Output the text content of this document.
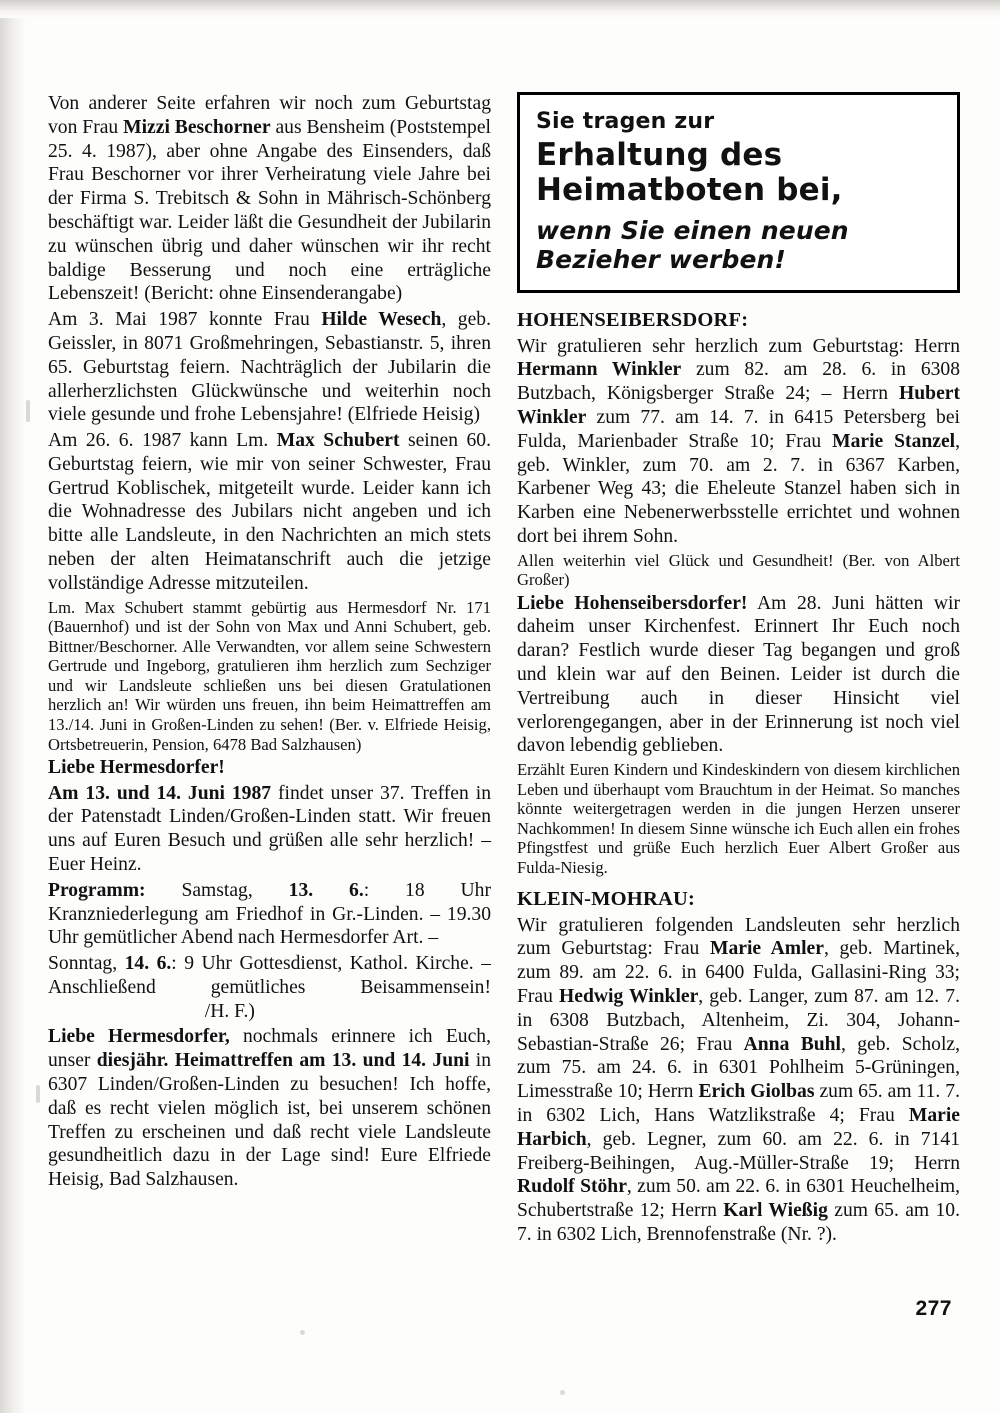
Von anderer Seite erfahren wir noch zum Geburtstag von Frau Mizzi Beschorner aus Bensheim (Poststempel 25. 4. 1987), aber ohne Angabe des Einsenders, daß Frau Beschorner vor ihrer Verheiratung viele Jahre bei der Firma S. Trebitsch & Sohn in Mährisch-Schönberg beschäftigt war. Leider läßt die Gesundheit der Jubilarin zu wünschen übrig und daher wünschen wir ihr recht baldige Besserung und noch eine erträgliche Lebenszeit! (Bericht: ohne Einsenderangabe)

Am 3. Mai 1987 konnte Frau Hilde Wesech, geb. Geissler, in 8071 Großmehringen, Sebastianstr. 5, ihren 65. Geburtstag feiern. Nachträglich der Jubilarin die allerherzlichsten Glückwünsche und weiterhin noch viele gesunde und frohe Lebensjahre! (Elfriede Heisig)

Am 26. 6. 1987 kann Lm. Max Schubert seinen 60. Geburtstag feiern, wie mir von seiner Schwester, Frau Gertrud Koblischek, mitgeteilt wurde. Leider kann ich die Wohnadresse des Jubilars nicht angeben und ich bitte alle Landsleute, in den Nachrichten an mich stets neben der alten Heimatanschrift auch die jetzige vollständige Adresse mitzuteilen.

Lm. Max Schubert stammt gebürtig aus Hermesdorf Nr. 171 (Bauernhof) und ist der Sohn von Max und Anni Schubert, geb. Bittner/Beschorner. Alle Verwandten, vor allem seine Schwestern Gertrude und Ingeborg, gratulieren ihm herzlich zum Sechziger und wir Landsleute schließen uns bei diesen Gratulationen herzlich an! Wir würden uns freuen, ihn beim Heimattreffen am 13./14. Juni in Großen-Linden zu sehen! (Ber. v. Elfriede Heisig, Ortsbetreuerin, Pension, 6478 Bad Salzhausen)

Liebe Hermesdorfer!

Am 13. und 14. Juni 1987 findet unser 37. Treffen in der Patenstadt Linden/Großen-Linden statt. Wir freuen uns auf Euren Besuch und grüßen alle sehr herzlich! – Euer Heinz.

Programm: Samstag, 13. 6.: 18 Uhr Kranzniederlegung am Friedhof in Gr.-Linden. – 19.30 Uhr gemütlicher Abend nach Hermesdorfer Art. –

Sonntag, 14. 6.: 9 Uhr Gottesdienst, Kathol. Kirche. – Anschließend gemütliches Beisammensein!                                 /H. F.)

Liebe Hermesdorfer, nochmals erinnere ich Euch, unser diesjähr. Heimattreffen am 13. und 14. Juni in 6307 Linden/Großen-Linden zu besuchen! Ich hoffe, daß es recht vielen möglich ist, bei unserem schönen Treffen zu erscheinen und daß recht viele Landsleute gesundheitlich dazu in der Lage sind! Eure Elfriede Heisig, Bad Salzhausen.

Sie tragen zur
Erhaltung des Heimatboten bei,
wenn Sie einen neuen Bezieher werben!
HOHENSEIBERSDORF:

Wir gratulieren sehr herzlich zum Geburtstag: Herrn Hermann Winkler zum 82. am 28. 6. in 6308 Butzbach, Königsberger Straße 24; – Herrn Hubert Winkler zum 77. am 14. 7. in 6415 Petersberg bei Fulda, Marienbader Straße 10; Frau Marie Stanzel, geb. Winkler, zum 70. am 2. 7. in 6367 Karben, Karbener Weg 43; die Eheleute Stanzel haben sich in Karben eine Nebenerwerbsstelle errichtet und wohnen dort bei ihrem Sohn.

Allen weiterhin viel Glück und Gesundheit! (Ber. von Albert Großer)

Liebe Hohenseibersdorfer! Am 28. Juni hätten wir daheim unser Kirchenfest. Erinnert Ihr Euch noch daran? Festlich wurde dieser Tag begangen und groß und klein war auf den Beinen. Leider ist durch die Vertreibung auch in dieser Hinsicht viel verlorengegangen, aber in der Erinnerung ist noch viel davon lebendig geblieben.

Erzählt Euren Kindern und Kindeskindern von diesem kirchlichen Leben und überhaupt vom Brauchtum in der Heimat. So manches könnte weitergetragen werden in die jungen Herzen unserer Nachkommen! In diesem Sinne wünsche ich Euch allen ein frohes Pfingstfest und grüße Euch herzlich Euer Albert Großer aus Fulda-Niesig.

KLEIN-MOHRAU:

Wir gratulieren folgenden Landsleuten sehr herzlich zum Geburtstag: Frau Marie Amler, geb. Martinek, zum 89. am 22. 6. in 6400 Fulda, Gallasini-Ring 33; Frau Hedwig Winkler, geb. Langer, zum 87. am 12. 7. in 6308 Butzbach, Altenheim, Zi. 304, Johann-Sebastian-Straße 26; Frau Anna Buhl, geb. Scholz, zum 75. am 24. 6. in 6301 Pohlheim 5-Grüningen, Limesstraße 10; Herrn Erich Giolbas zum 65. am 11. 7. in 6302 Lich, Hans Watzlikstraße 4; Frau Marie Harbich, geb. Legner, zum 60. am 22. 6. in 7141 Freiberg-Beihingen, Aug.-Müller-Straße 19; Herrn Rudolf Stöhr, zum 50. am 22. 6. in 6301 Heuchelheim, Schubertstraße 12; Herrn Karl Wießig zum 65. am 10. 7. in 6302 Lich, Brennofenstraße (Nr. ?).

277
